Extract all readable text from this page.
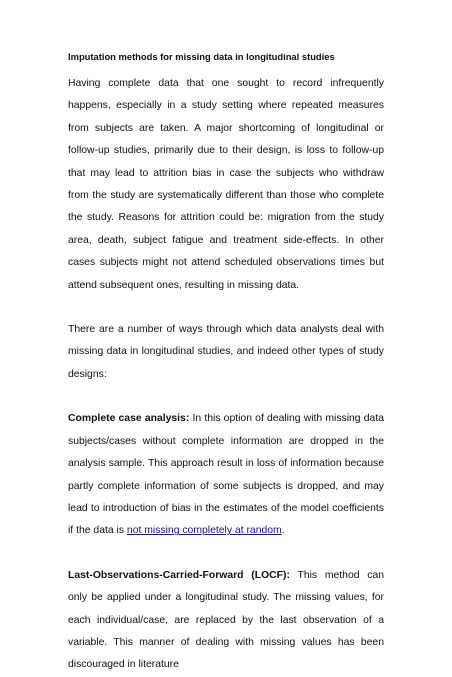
Imputation methods for missing data in longitudinal studies

Having complete data that one sought to record infrequently happens, especially in a study setting where repeated measures from subjects are taken. A major shortcoming of longitudinal or follow-up studies, primarily due to their design, is loss to follow-up that may lead to attrition bias in case the subjects who withdraw from the study are systematically different than those who complete the study. Reasons for attrition could be: migration from the study area, death, subject fatigue and treatment side-effects. In other cases subjects might not attend scheduled observations times but attend subsequent ones, resulting in missing data.

There are a number of ways through which data analysts deal with missing data in longitudinal studies, and indeed other types of study designs:

Complete case analysis: In this option of dealing with missing data subjects/cases without complete information are dropped in the analysis sample. This approach result in loss of information because partly complete information of some subjects is dropped, and may lead to introduction of bias in the estimates of the model coefficients if the data is not missing completely at random.

Last-Observations-Carried-Forward (LOCF): This method can only be applied under a longitudinal study. The missing values, for each individual/case, are replaced by the last observation of a variable. This manner of dealing with missing values has been discouraged in literature
